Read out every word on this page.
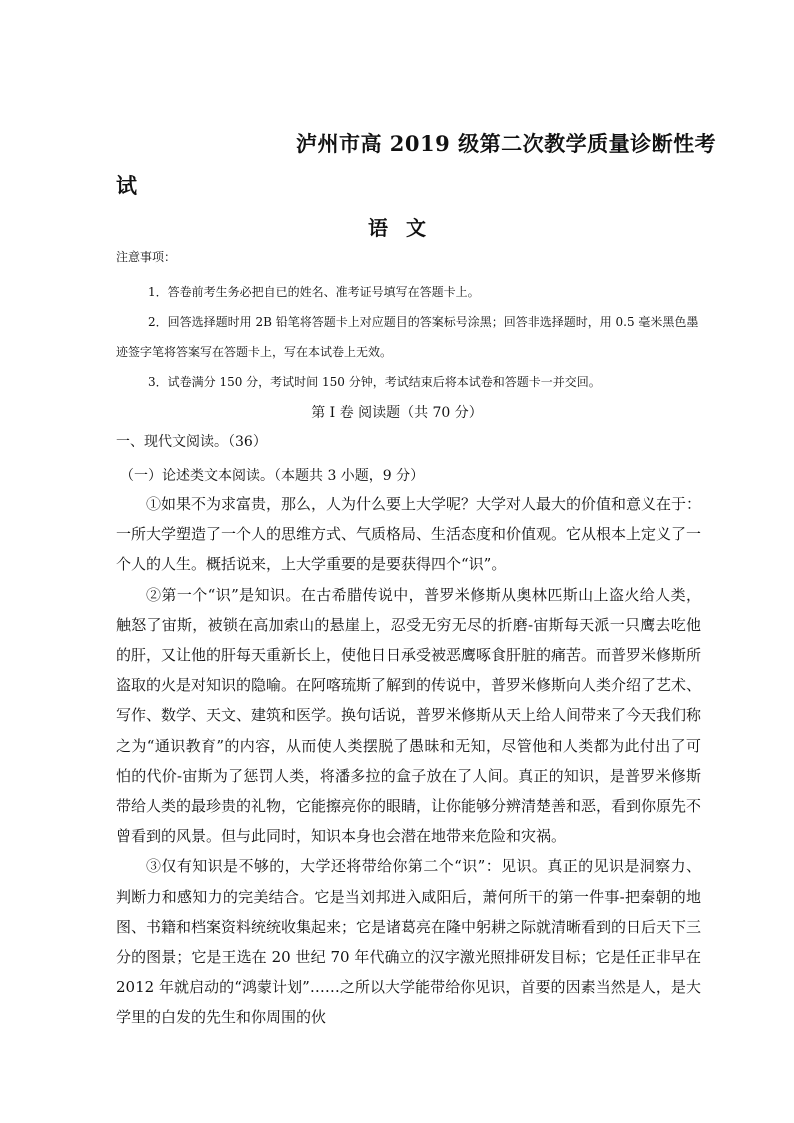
泸州市高 2019 级第二次教学质量诊断性考
试
语文
注意事项：

1．答卷前考生务必把自已的姓名、准考证号填写在答题卡上。

2．回答选择题时用 2B 铅笔将答题卡上对应题目的答案标号涂黑；回答非选择题时，用 0.5 毫米黑色墨迹签字笔将答案写在答题卡上，写在本试卷上无效。

3．试卷满分 150 分，考试时间 150 分钟，考试结束后将本试卷和答题卡一并交回。

第 I 卷 阅读题（共 70 分）
一、现代文阅读。（36）
（一）论述类文本阅读。（本题共 3 小题，9 分）

①如果不为求富贵，那么，人为什么要上大学呢？大学对人最大的价值和意义在于：一所大学塑造了一个人的思维方式、气质格局、生活态度和价值观。它从根本上定义了一个人的人生。概括说来，上大学重要的是要获得四个“识”。

②第一个“识”是知识。在古希腊传说中，普罗米修斯从奥林匹斯山上盗火给人类，触怒了宙斯，被锁在高加索山的悬崖上，忍受无穷无尽的折磨-宙斯每天派一只鹰去吃他的肝，又让他的肝每天重新长上，使他日日承受被恶鹰啄食肝脏的痛苦。而普罗米修斯所盗取的火是对知识的隐喻。在阿喀琉斯了解到的传说中，普罗米修斯向人类介绍了艺术、写作、数学、天文、建筑和医学。换句话说，普罗米修斯从天上给人间带来了今天我们称之为“通识教育”的内容，从而使人类摆脱了愚昧和无知，尽管他和人类都为此付出了可怕的代价-宙斯为了惩罚人类，将潘多拉的盒子放在了人间。真正的知识，是普罗米修斯带给人类的最珍贵的礼物，它能擦亮你的眼睛，让你能够分辨清楚善和恶，看到你原先不曾看到的风景。但与此同时，知识本身也会潜在地带来危险和灾祸。

③仅有知识是不够的，大学还将带给你第二个“识”：见识。真正的见识是洞察力、判断力和感知力的完美结合。它是当刘邦进入咸阳后，萧何所干的第一件事-把秦朝的地图、书籍和档案资料统统收集起来；它是诸葛亮在隆中躬耕之际就清晰看到的日后天下三分的图景；它是王选在 20 世纪 70 年代确立的汉字激光照排研发目标；它是任正非早在 2012 年就启动的“鸿蒙计划”……之所以大学能带给你见识，首要的因素当然是人，是大学里的白发的先生和你周围的伙
